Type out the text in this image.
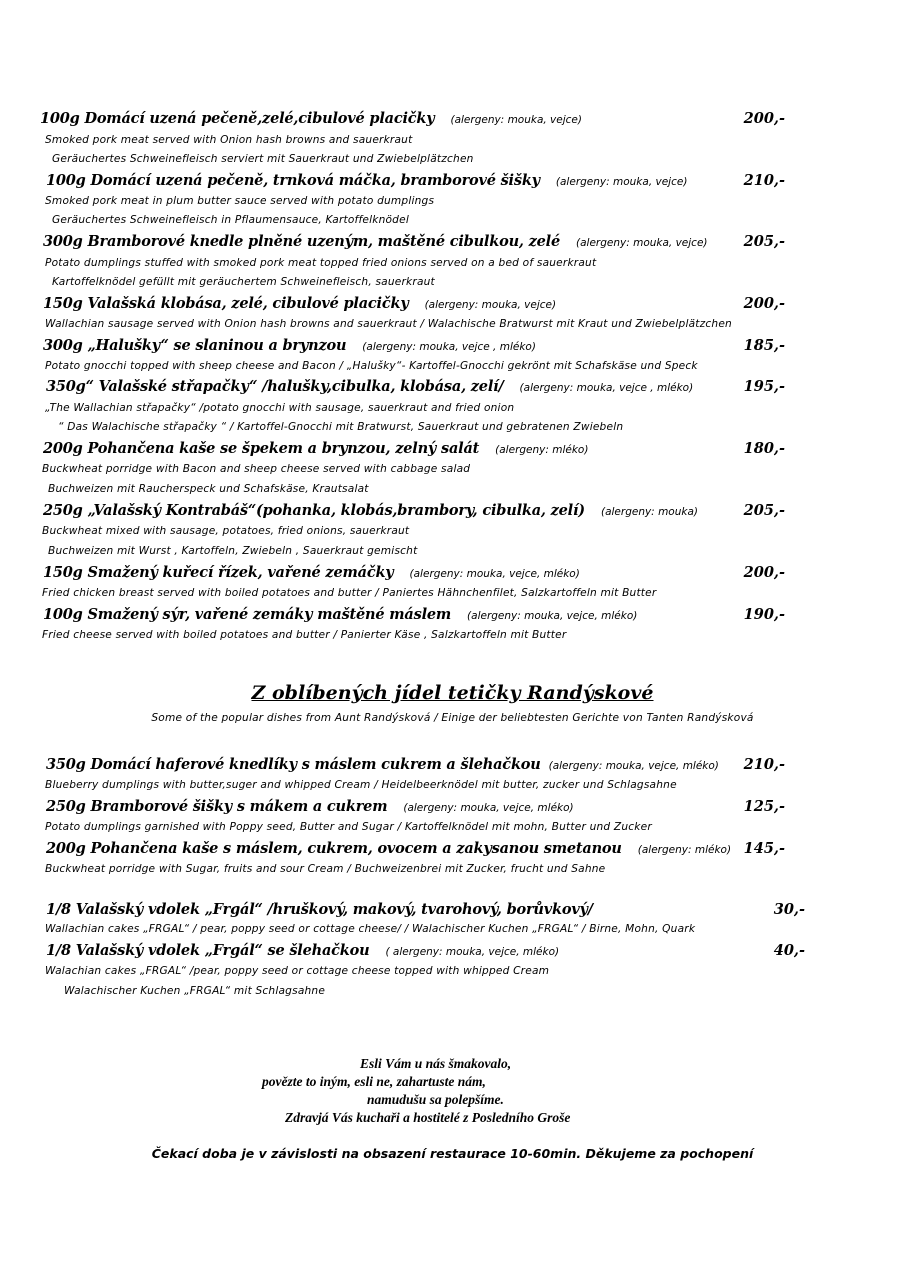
100g Domácí uzená pečeně,zelé,cibulové placičky (alergeny: mouka, vejce)	200,-
Smoked pork meat served with Onion hash browns and sauerkraut
Geräuchertes Schweinefleisch serviert mit Sauerkraut und Zwiebelplätzchen
100g Domácí uzená pečeně, trnková máčka, bramborové šišky (alergeny: mouka, vejce)	210,-
Smoked pork meat in plum butter sauce served with potato dumplings
Geräuchertes Schweinefleisch in Pflaumensauce, Kartoffelknödel
300g Bramborové knedle plněné uzeným, maštěné cibulkou, zelé (alergeny: mouka, vejce) 205,-
Potato dumplings stuffed with smoked pork meat topped fried onions served on a bed of sauerkraut
Kartoffelknödel gefüllt mit geräuchertem Schweinefleisch, sauerkraut
150g Valašská klobása, zelé, cibulové placičky (alergeny: mouka, vejce)	200,-
Wallachian sausage served with Onion hash browns and sauerkraut / Walachische Bratwurst mit Kraut und Zwiebelplätzchen
300g „Halušky“ se slaninou a brynzou (alergeny: mouka, vejce , mléko)	185,-
Potato gnocchi topped with sheep cheese and Bacon / „Halušky“- Kartoffel-Gnocchi gekrönt mit Schafskäse und Speck
350g“ Valašské střapačky“ /halušky,cibulka, klobása, zelí/ (alergeny: mouka, vejce , mléko)	195,-
„The Wallachian střapačky“ /potato gnocchi with sausage, sauerkraut and fried onion
“ Das Walachische střapačky “ / Kartoffel-Gnocchi mit Bratwurst, Sauerkraut und gebratenen Zwiebeln
200g Pohančena kaše se špekem a brynzou, zelný salát (alergeny: mléko)	180,-
Buckwheat porridge with Bacon and sheep cheese served with cabbage salad
Buchweizen mit Raucherspeck und Schafskäse, Krautsalat
250g „Valašský Kontrabáš“(pohanka, klobás,brambory, cibulka, zelí) (alergeny: mouka)	205,-
Buckwheat mixed with sausage, potatoes, fried onions, sauerkraut
Buchweizen mit Wurst , Kartoffeln, Zwiebeln , Sauerkraut gemischt
150g Smažený kuřecí řízek, vařené zemáčky (alergeny: mouka, vejce, mléko)	200,-
Fried chicken breast served with boiled potatoes and butter / Paniertes Hähnchenfilet, Salzkartoffeln mit Butter
100g Smažený sýr, vařené zemáky maštěné máslem (alergeny: mouka, vejce, mléko)	190,-
Fried cheese served with boiled potatoes and butter / Panierter Käse , Salzkartoffeln mit Butter
Z oblíbených jídel tetičky Randýskové
Some of the popular dishes from Aunt Randýsková / Einige der beliebtesten Gerichte von Tanten Randýsková
350g Domácí haferové knedlíky s máslem cukrem a šlehačkou (alergeny: mouka, vejce, mléko) 210,-
Blueberry dumplings with butter,suger and whipped Cream / Heidelbeerknödel mit butter, zucker und Schlagsahne
250g Bramborové šišky s mákem a cukrem (alergeny: mouka, vejce, mléko)	125,-
Potato dumplings garnished with Poppy seed, Butter and Sugar / Kartoffelknödel mit mohn, Butter und Zucker
200g Pohančena kaše s máslem, cukrem, ovocem a zakysanou smetanou (alergeny: mléko) 145,-
Buckwheat porridge with Sugar, fruits and sour Cream / Buchweizenbrei mit Zucker, frucht und Sahne
1/8 Valašský vdolek „Frgál“ /hruškový, makový, tvarohový, borůvkový/	30,-
Wallachian cakes „FRGAL“ / pear, poppy seed or cottage cheese/ / Walachischer Kuchen „FRGAL“ / Birne, Mohn, Quark
1/8 Valašský vdolek „Frgál“ se šlehačkou ( alergeny: mouka, vejce, mléko)	40,-
Walachian cakes „FRGAL“ /pear, poppy seed or cottage cheese topped with whipped Cream
Walachischer Kuchen „FRGAL“ mit Schlagsahne
Esli Vám u nás šmakovalo,
povězte to iným, esli ne, zahartuste nám,
namudušu sa polepšíme.
Zdravjá Vás kuchaři a hostitelé z Posledního Groše
Čekací doba je v závislosti na obsazení restaurace 10-60min. Děkujeme za pochopení
